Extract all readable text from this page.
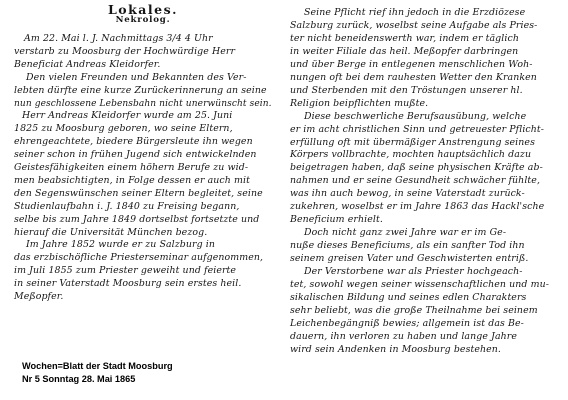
Lokales.
Nekrolog.
Am 22. Mai l. J. Nachmittags 3/4 4 Uhr
verstarb zu Moosburg der Hochwürdige Herr
Beneficiat Andreas Kleidorfer.
Den vielen Freunden und Bekannten des Ver-
lebten dürfte eine kurze Zurückerinnerung an seine
nun geschlossene Lebensbahn nicht unerwünscht sein.
Herr Andreas Kleidorfer wurde am 25. Juni
1825 zu Moosburg geboren, wo seine Eltern,
ehrengeachtete, biedere Bürgersleute ihn wegen
seiner schon in frühen Jugend sich entwickelnden
Geistesfähigkeiten einem höhern Berufe zu wid-
men beabsichtigten, in Folge dessen er auch mit
den Segenswünschen seiner Eltern begleitet, seine
Studienlaufbahn i. J. 1840 zu Freising begann,
selbe bis zum Jahre 1849 dortselbst fortsetzte und
hierauf die Universität München bezog.
Im Jahre 1852 wurde er zu Salzburg in
das erzbischöfliche Priesterseminar aufgenommen,
im Juli 1855 zum Priester geweiht und feierte
in seiner Vaterstadt Moosburg sein erstes heil.
Meßopfer.
Seine Pflicht rief ihn jedoch in die Erzdiözese
Salzburg zurück, woselbst seine Aufgabe als Pries-
ter nicht beneidenswerth war, indem er täglich
in weiter Filiale das heil. Meßopfer darbringen
und über Berge in entlegenen menschlichen Woh-
nungen oft bei dem rauhesten Wetter den Kranken
und Sterbenden mit den Tröstungen unserer hl.
Religion beipflichten mußte.
Diese beschwerliche Berufsausübung, welche
er im acht christlichen Sinn und getreuester Pflicht-
erfüllung oft mit übermäßiger Anstrengung seines
Körpers vollbrachte, mochten hauptsächlich dazu
beigetragen haben, daß seine physischen Kräfte ab-
nahmen und er seine Gesundheit schwächer fühlte,
was ihn auch bewog, in seine Vaterstadt zurück-
zukehren, woselbst er im Jahre 1863 das Hackl'sche
Beneficium erhielt.
Doch nicht ganz zwei Jahre war er im Ge-
nuße dieses Beneficiums, als ein sanfter Tod ihn
seinem greisen Vater und Geschwisterten entriß.
Der Verstorbene war als Priester hochgeach-
tet, sowohl wegen seiner wissenschaftlichen und mu-
sikalischen Bildung und seines edlen Charakters
sehr beliebt, was die große Theilnahme bei seinem
Leichenbegängniß bewies; allgemein ist das Be-
dauern, ihn verloren zu haben und lange Jahre
wird sein Andenken in Moosburg bestehen.
Wochen=Blatt der Stadt Moosburg
Nr 5 Sonntag 28. Mai 1865
